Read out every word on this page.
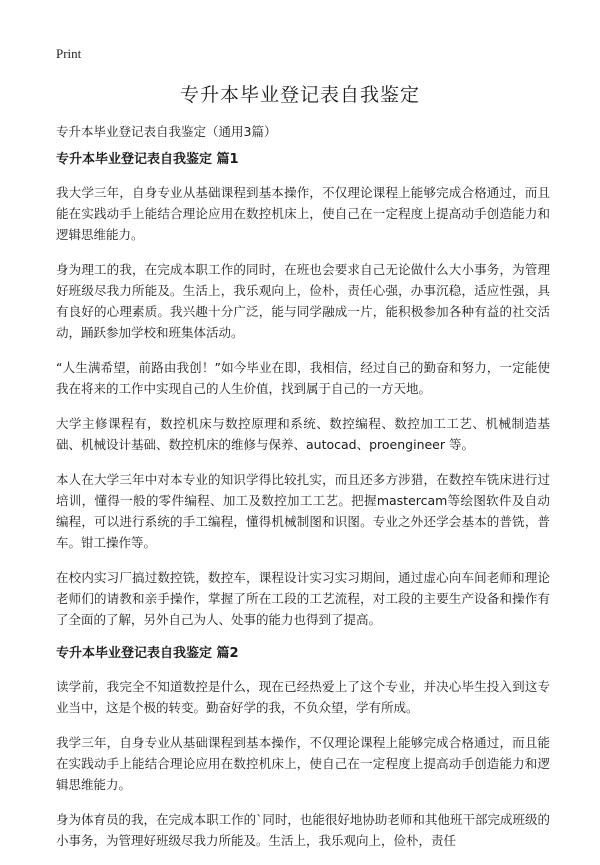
Print
专升本毕业登记表自我鉴定

专升本毕业登记表自我鉴定（通用3篇）

专升本毕业登记表自我鉴定 篇1

我大学三年，自身专业从基础课程到基本操作，不仅理论课程上能够完成合格通过，而且能在实践动手上能结合理论应用在数控机床上，使自己在一定程度上提高动手创造能力和逻辑思维能力。

身为理工的我，在完成本职工作的同时，在班也会要求自己无论做什么大小事务，为管理好班级尽我力所能及。生活上，我乐观向上，俭朴，责任心强，办事沉稳，适应性强，具有良好的心理素质。我兴趣十分广泛，能与同学融成一片，能积极参加各种有益的社交活动，踊跃参加学校和班集体活动。

“人生满希望，前路由我创！”如今毕业在即，我相信，经过自己的勤奋和努力，一定能使我在将来的工作中实现自己的人生价值，找到属于自己的一方天地。

大学主修课程有，数控机床与数控原理和系统、数控编程、数控加工工艺、机械制造基础、机械设计基础、数控机床的维修与保养、autocad、proengineer 等。

本人在大学三年中对本专业的知识学得比较扎实，而且还多方涉猎，在数控车铣床进行过培训，懂得一般的零件编程、加工及数控加工工艺。把握mastercam等绘图软件及自动编程，可以进行系统的手工编程，懂得机械制图和识图。专业之外还学会基本的普铣，普车。钳工操作等。

在校内实习厂搞过数控铣，数控车，课程设计实习实习期间，通过虚心向车间老师和理论老师们的请教和亲手操作，掌握了所在工段的工艺流程，对工段的主要生产设备和操作有了全面的了解，另外自己为人、处事的能力也得到了提高。

专升本毕业登记表自我鉴定 篇2

读学前，我完全不知道数控是什么，现在已经热爱上了这个专业，并决心毕生投入到这专业当中，这是个极的转变。勤奋好学的我，不负众望，学有所成。

我学三年，自身专业从基础课程到基本操作，不仅理论课程上能够完成合格通过，而且能在实践动手上能结合理论应用在数控机床上，使自己在一定程度上提高动手创造能力和逻辑思维能力。

身为体育员的我，在完成本职工作的`同时，也能很好地协助老师和其他班干部完成班级的小事务，为管理好班级尽我力所能及。生活上，我乐观向上，俭朴，责任
